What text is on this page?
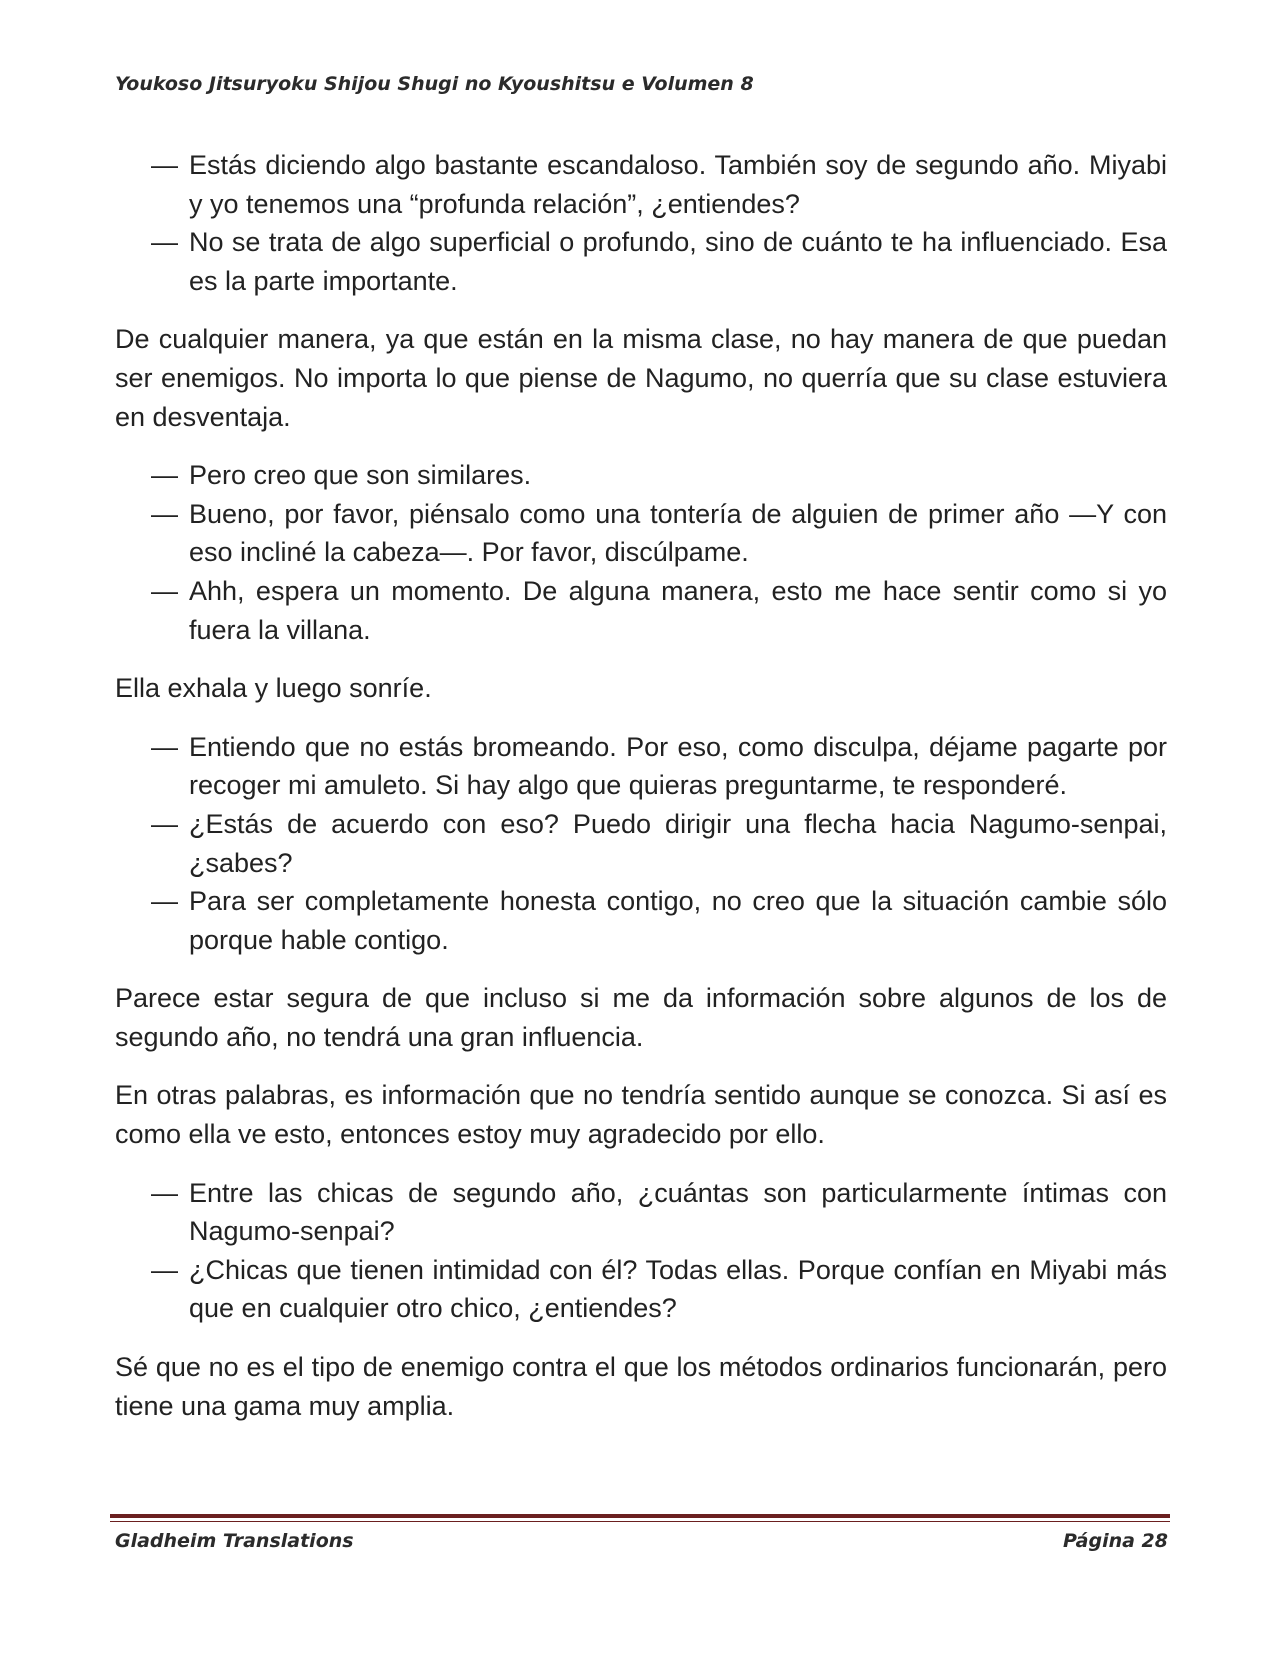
Youkoso Jitsuryoku Shijou Shugi no Kyoushitsu e Volumen 8
— Estás diciendo algo bastante escandaloso. También soy de segundo año. Miyabi y yo tenemos una “profunda relación”, ¿entiendes?
— No se trata de algo superficial o profundo, sino de cuánto te ha influenciado. Esa es la parte importante.

De cualquier manera, ya que están en la misma clase, no hay manera de que puedan ser enemigos. No importa lo que piense de Nagumo, no querría que su clase estuviera en desventaja.

— Pero creo que son similares.
— Bueno, por favor, piénsalo como una tontería de alguien de primer año —Y con eso incliné la cabeza—. Por favor, discúlpame.
— Ahh, espera un momento. De alguna manera, esto me hace sentir como si yo fuera la villana.

Ella exhala y luego sonríe.

— Entiendo que no estás bromeando. Por eso, como disculpa, déjame pagarte por recoger mi amuleto. Si hay algo que quieras preguntarme, te responderé.
— ¿Estás de acuerdo con eso? Puedo dirigir una flecha hacia Nagumo-senpai, ¿sabes?
— Para ser completamente honesta contigo, no creo que la situación cambie sólo porque hable contigo.

Parece estar segura de que incluso si me da información sobre algunos de los de segundo año, no tendrá una gran influencia.

En otras palabras, es información que no tendría sentido aunque se conozca. Si así es como ella ve esto, entonces estoy muy agradecido por ello.

— Entre las chicas de segundo año, ¿cuántas son particularmente íntimas con Nagumo-senpai?
— ¿Chicas que tienen intimidad con él? Todas ellas. Porque confían en Miyabi más que en cualquier otro chico, ¿entiendes?

Sé que no es el tipo de enemigo contra el que los métodos ordinarios funcionarán, pero tiene una gama muy amplia.

Gladheim Translations	Página 28
